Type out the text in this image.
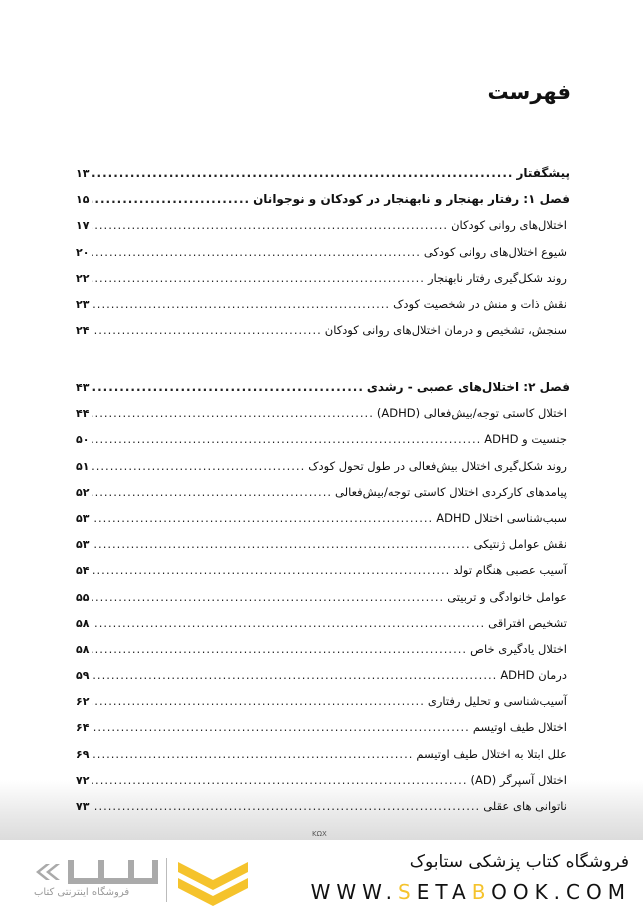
فهرست
پیشگفتار
.....
۱۳
فصل ۱: رفتار بهنجار و نابهنجار در کودکان و نوجوانان
.....
۱۵
اختلال‌های روانی کودکان
.....
۱۷
شیوع اختلال‌های روانی کودکی
.....
۲۰
روند شکل‌گیری رفتار نابهنجار
.....
۲۲
نقش ذات و منش در شخصیت کودک
.....
۲۳
سنجش، تشخیص و درمان اختلال‌های روانی کودکان
.....
۲۴
فصل ۲: اختلال‌های عصبی - رشدی
.....
۴۳
اختلال کاستی توجه/بیش‌فعالی (ADHD)
.....
۴۴
جنسیت و ADHD
.....
۵۰
روند شکل‌گیری اختلال بیش‌فعالی در طول تحول کودک
.....
۵۱
پیامدهای کارکردی اختلال کاستی توجه/بیش‌فعالی
.....
۵۲
سبب‌شناسی اختلال ADHD
.....
۵۳
نقش عوامل ژنتیکی
.....
۵۳
آسیب عصبی هنگام تولد
.....
۵۴
عوامل خانوادگی و تربیتی
.....
۵۵
تشخیص افتراقی
.....
۵۸
اختلال یادگیری خاص
.....
۵۸
درمان ADHD
.....
۵۹
آسیب‌شناسی و تحلیل رفتاری
.....
۶۲
اختلال طیف اوتیسم
.....
۶۴
علل ابتلا به اختلال طیف اوتیسم
.....
۶۹
اختلال آسپرگر (AD)
.....
۷۲
ناتوانی های عقلی
.....
۷۳
ΚΩΧ
فروشگاه اینترنتی کتاب
فروشگاه کتاب پزشکی ستابوک
WWW.SETABOOK.COM
